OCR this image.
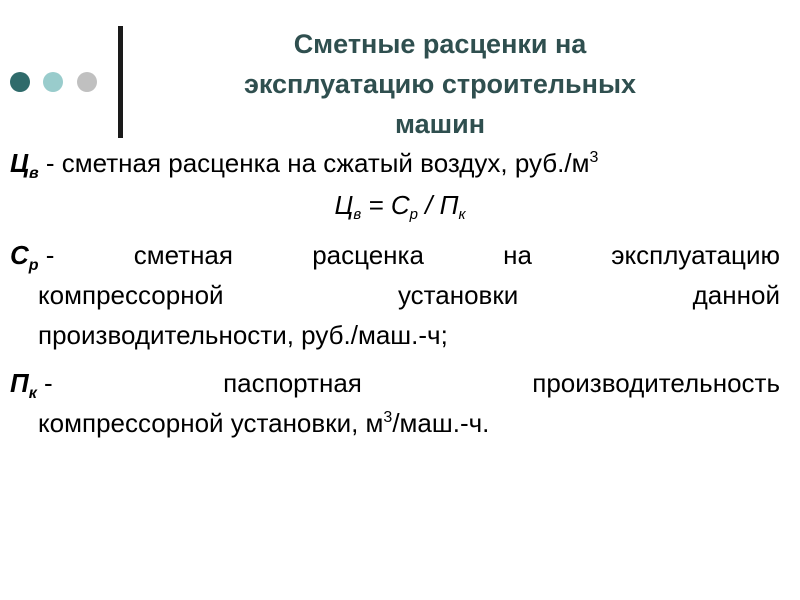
Сметные расценки на
эксплуатацию строительных
машин
$Ц_в$ - сметная расценка на сжатый воздух, $руб./м^3$
Цв = Ср / Пк
$С_р$ -	сметная	расценка	на	эксплуатацию
компрессорной	установки	данной
производительности, руб./маш.-ч;
$П_к$ -	паспортная	производительность
компрессорной установки, $м^3/маш.-ч$.
